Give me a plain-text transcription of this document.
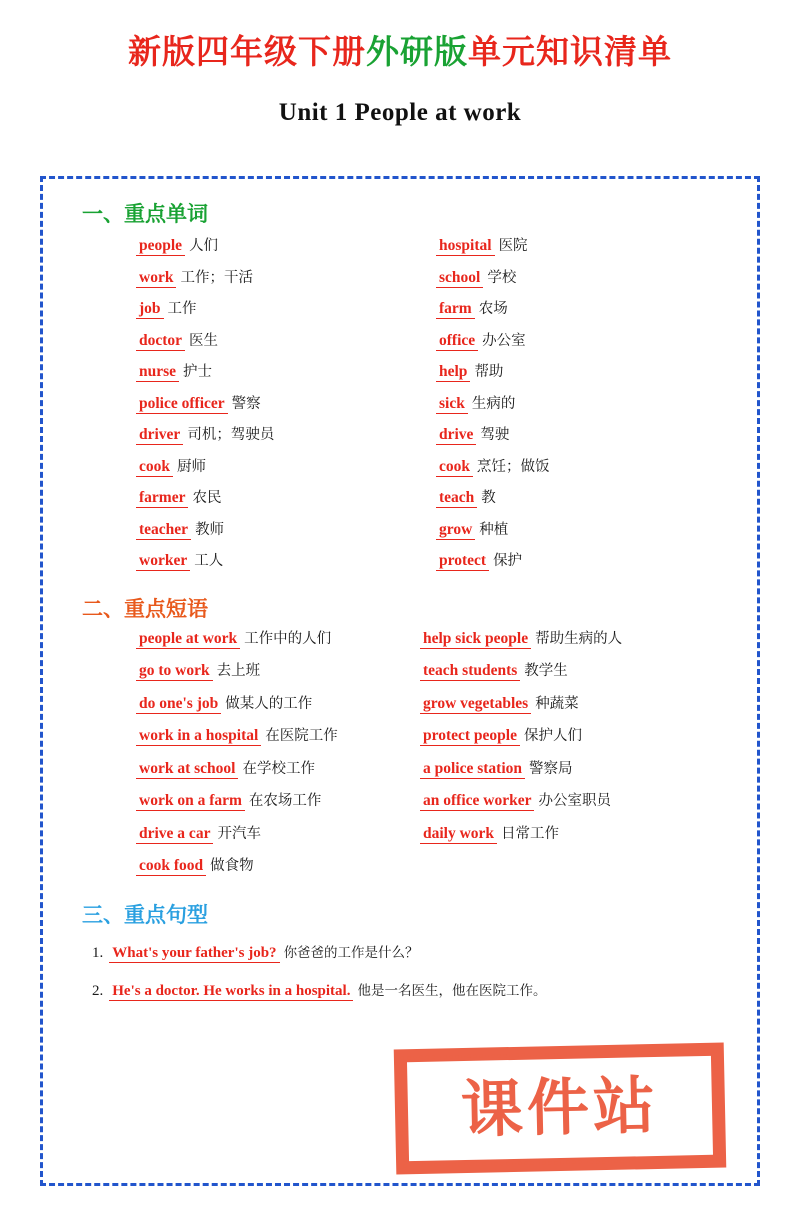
新版四年级下册外研版单元知识清单
Unit 1 People at work
一、重点单词
people 人们
work 工作；干活
job 工作
doctor 医生
nurse 护士
police officer 警察
driver 司机；驾驶员
cook 厨师
farmer 农民
teacher 教师
worker 工人
hospital 医院
school 学校
farm 农场
office 办公室
help 帮助
sick 生病的
drive 驾驶
cook 烹饪；做饭
teach 教
grow 种植
protect 保护
二、重点短语
people at work 工作中的人们
go to work 去上班
do one's job 做某人的工作
work in a hospital 在医院工作
work at school 在学校工作
work on a farm 在农场工作
drive a car 开汽车
cook food 做食物
help sick people 帮助生病的人
teach students 教学生
grow vegetables 种蔬菜
protect people 保护人们
a police station 警察局
an office worker 办公室职员
daily work 日常工作
三、重点句型
1. What's your father's job? 你爸爸的工作是什么？
2. He's a doctor. He works in a hospital. 他是一名医生，他在医院工作。
课件站
